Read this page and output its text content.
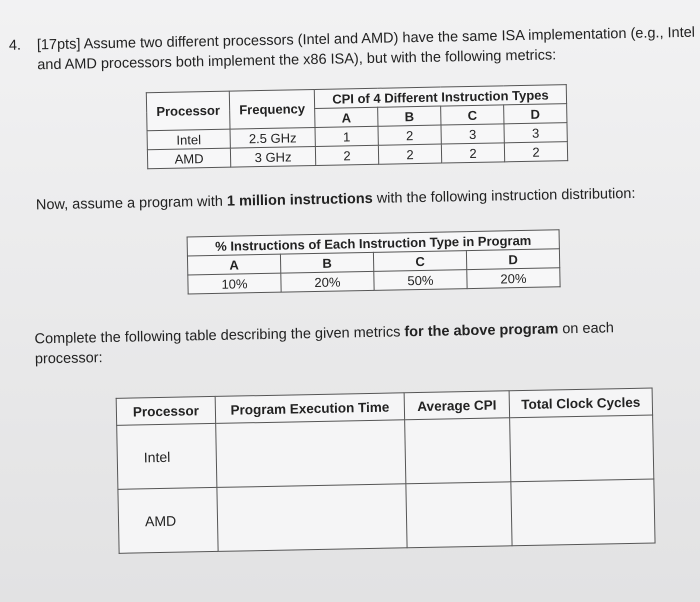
4. [17pts] Assume two different processors (Intel and AMD) have the same ISA implementation (e.g., Intel and AMD processors both implement the x86 ISA), but with the following metrics:
Processor	Frequency	CPI of 4 Different Instruction Types			
		A	B	C	D
Intel	2.5 GHz	1	2	3	3
AMD	3 GHz	2	2	2	2
Now, assume a program with 1 million instructions with the following instruction distribution:
% Instructions of Each Instruction Type in Program			
A	B	C	D
10%	20%	50%	20%
Complete the following table describing the given metrics for the above program on each processor:
Processor	Program Execution Time	Average CPI	Total Clock Cycles
Intel			
AMD			
